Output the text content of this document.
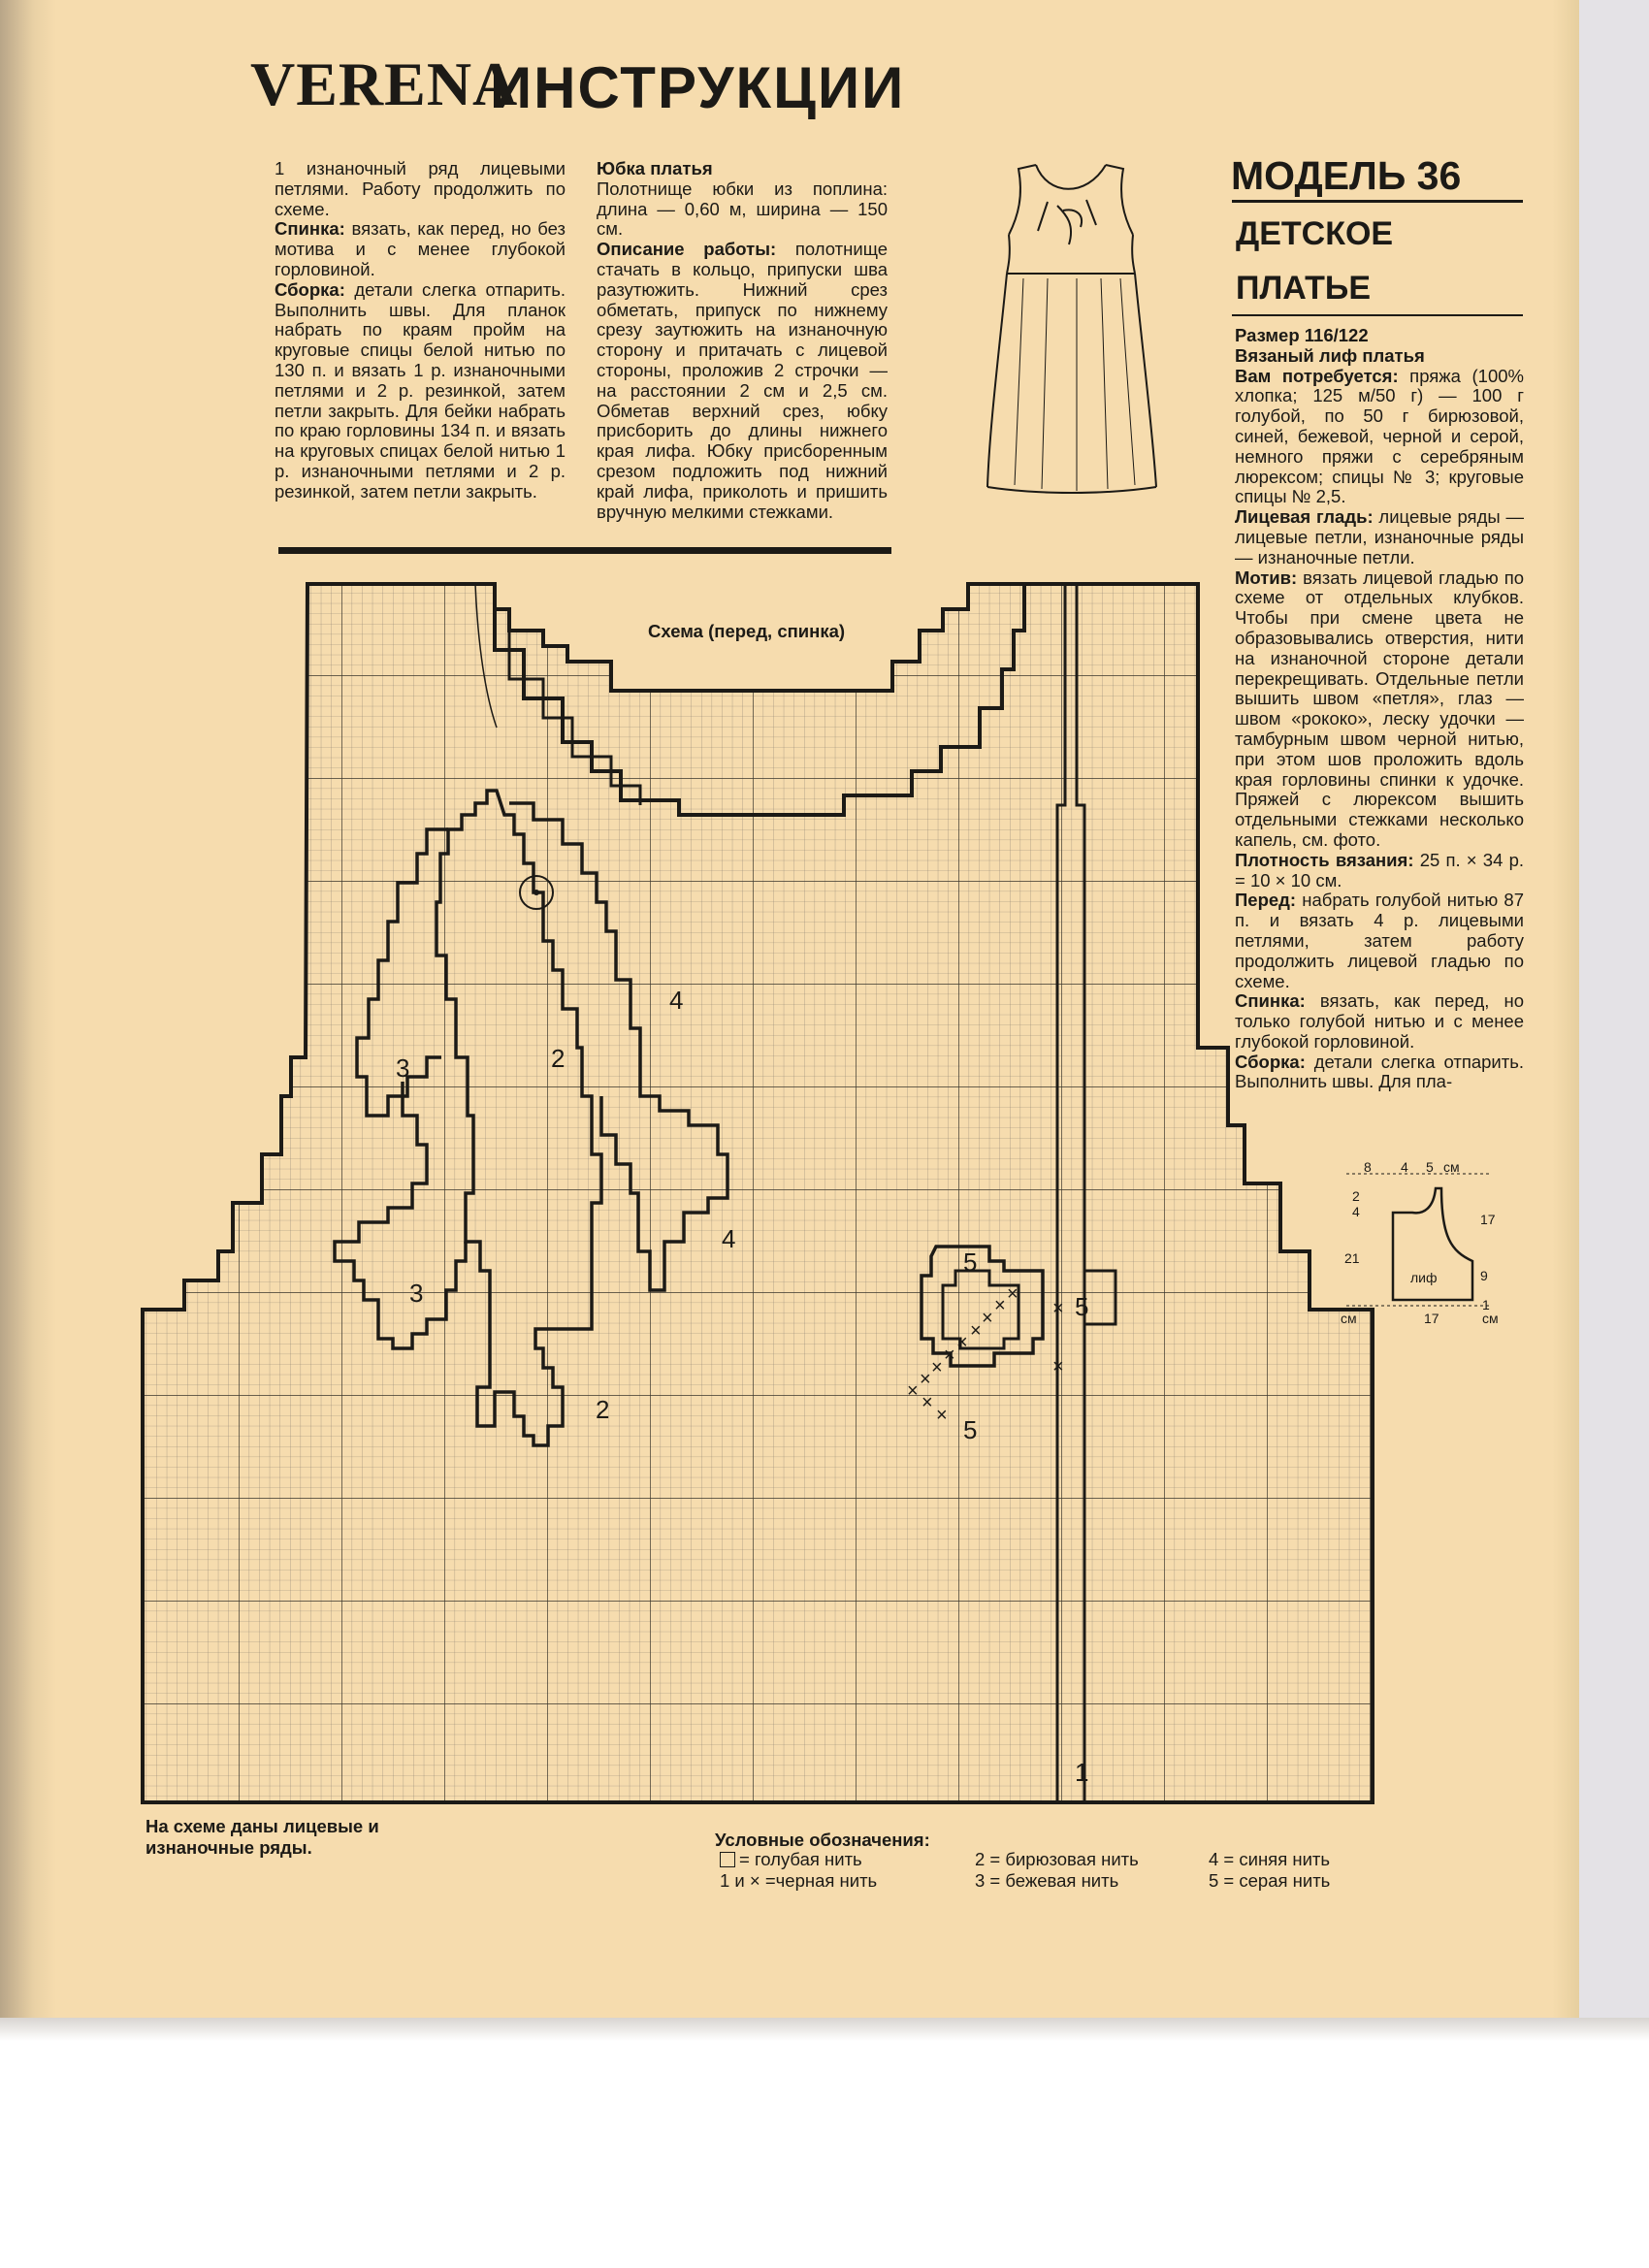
VERENA
ИНСТРУКЦИИ

1 изнаночный ряд лицевыми петлями. Работу продолжить по схеме.

Спинка: вязать, как перед, но без мотива и с менее глубокой горловиной.

Сборка: детали слегка отпарить. Выполнить швы. Для планок набрать по краям пройм на круговые спицы белой нитью по 130 п. и вязать 1 р. изнаночными петлями и 2 р. резинкой, затем петли закрыть. Для бейки набрать по краю горловины 134 п. и вязать на круговых спицах белой нитью 1 р. изнаночными петлями и 2 р. резинкой, затем петли закрыть.

Юбка платья

Полотнище юбки из поплина: длина — 0,60 м, ширина — 150 см.

Описание работы: полотнище стачать в кольцо, припуски шва разутюжить. Нижний срез обметать, припуск по нижнему срезу заутюжить на изнаночную сторону и притачать с лицевой стороны, проложив 2 строчки — на расстоянии 2 см и 2,5 см. Обметав верхний срез, юбку присборить до длины нижнего края лифа. Юбку присборенным срезом подложить под нижний край лифа, приколоть и пришить вручную мелкими стежками.

МОДЕЛЬ 36
ДЕТСКОЕ
ПЛАТЬЕ

Размер 116/122

Вязаный лиф платья

Вам потребуется: пряжа (100% хлопка; 125 м/50 г) — 100 г голубой, по 50 г бирюзовой, синей, бежевой, черной и серой, немного пряжи с серебряным люрексом; спицы № 3; круговые спицы № 2,5.

Лицевая гладь: лицевые ряды — лицевые петли, изнаночные ряды — изнаночные петли.

Мотив: вязать лицевой гладью по схеме от отдельных клубков. Чтобы при смене цвета не образовывались отверстия, нити на изнаночной стороне детали перекрещивать. Отдельные петли вышить швом «петля», глаз — швом «рококо», леску удочки — тамбурным швом черной нитью, при этом шов проложить вдоль края горловины спинки к удочке. Пряжей с люрексом вышить отдельными стежками несколько капель, см. фото.

Плотность вязания: 25 п. × 34 р. = 10 × 10 см.

Перед: набрать голубой нитью 87 п. и вязать 4 р. лицевыми петлями, затем работу продолжить лицевой гладью по схеме.

Спинка: вязать, как перед, но только голубой нитью и с менее глубокой горловиной.

Сборка: детали слегка отпарить. Выполнить швы. Для пла-

8 4 5 см
2
4
21
17
9
1
см
17
лиф
×
×
×
×
×
×
×
×
×
×
×
×
×
2
2
3
3
4
4
5
5
5
1
Схема (перед, спинка)
На схеме даны лицевые и изнаночные ряды.	Условные обозначения:
= голубая нить
1 и × =черная нить
2 = бирюзовая нить
3 = бежевая нить
4 = синяя нить
5 = серая нить
